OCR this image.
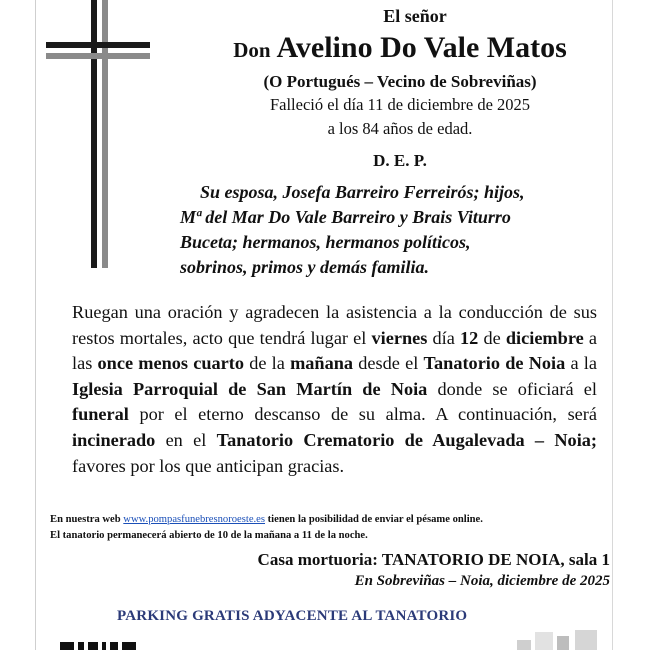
El señor
Don Avelino Do Vale Matos
(O Portugués – Vecino de Sobreviñas)
Falleció el día 11 de diciembre de 2025
a los 84 años de edad.
D. E. P.
Su esposa, Josefa Barreiro Ferreirós; hijos,
Mª del Mar Do Vale Barreiro y Brais Viturro
Buceta; hermanos, hermanos políticos,
sobrinos, primos y demás familia.
Ruegan una oración y agradecen la asistencia a la conducción de sus restos mortales, acto que tendrá lugar el viernes día 12 de diciembre a las once menos cuarto de la mañana desde el Tanatorio de Noia a la Iglesia Parroquial de San Martín de Noia donde se oficiará el funeral por el eterno descanso de su alma. A continuación, será incinerado en el Tanatorio Crematorio de Augalevada – Noia; favores por los que anticipan gracias.
En nuestra web www.pompasfunebresnoroeste.es tienen la posibilidad de enviar el pésame online.
El tanatorio permanecerá abierto de 10 de la mañana a 11 de la noche.
Casa mortuoria: TANATORIO DE NOIA, sala 1
En Sobreviñas – Noia, diciembre de 2025
PARKING GRATIS ADYACENTE AL TANATORIO
